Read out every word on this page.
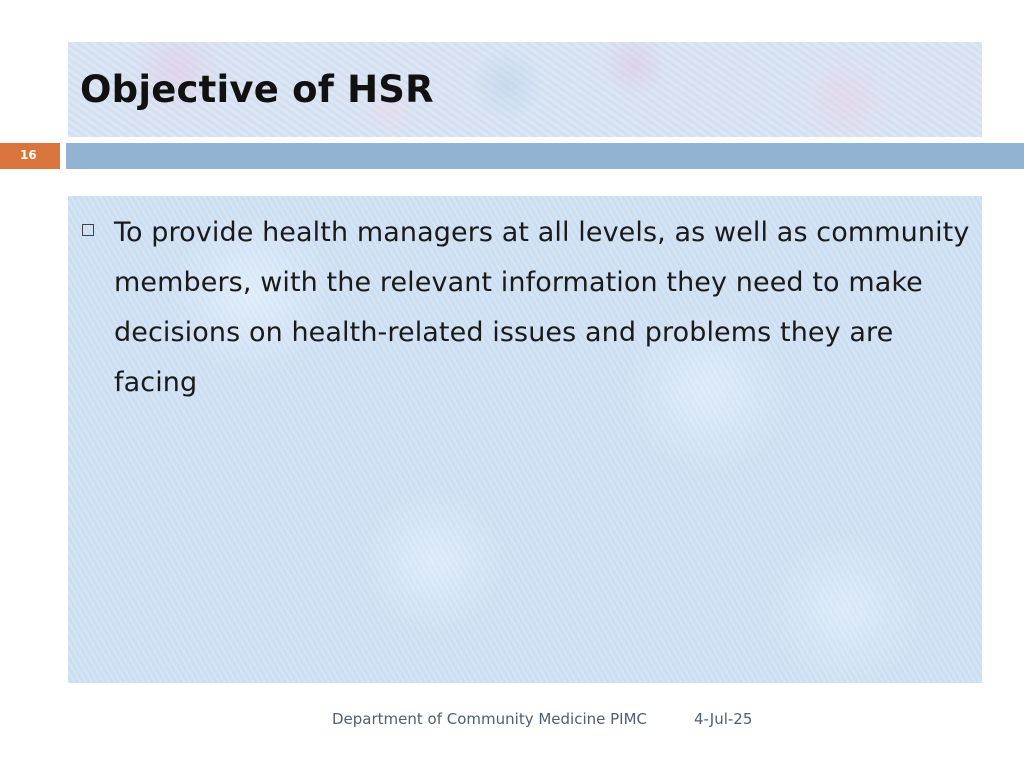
Objective of HSR
16

To provide health managers at all levels, as well as community members, with the relevant information they need to make decisions on health-related issues and problems they are facing

Department of Community Medicine PIMC	4-Jul-25
